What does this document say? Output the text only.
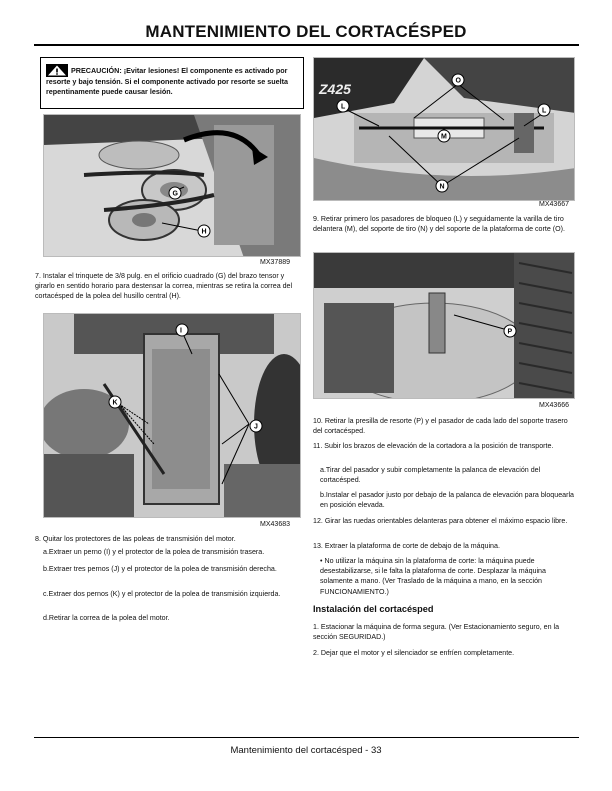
MANTENIMIENTO DEL CORTACÉSPED
PRECAUCIÓN: ¡Evitar lesiones! El componente es activado por resorte y bajo tensión. Si el componente activado por resorte se suelta repentinamente puede causar lesión.
G
H
MX37889
7. Instalar el trinquete de 3/8 pulg. en el orificio cuadrado (G) del brazo tensor y girarlo en sentido horario para destensar la correa, mientras se retira la correa del cortacésped de la polea del husillo central (H).
I
K
J
MX43683
8. Quitar los protectores de las poleas de transmisión del motor.
a.Extraer un perno (I) y el protector de la polea de transmisión trasera.
b.Extraer tres pernos (J) y el protector de la polea de transmisión derecha.
c.Extraer dos pernos (K) y el protector de la polea de transmisión izquierda.
d.Retirar la correa de la polea del motor.
Z425	O
L
M
L
N
MX43667
9. Retirar primero los pasadores de bloqueo (L) y seguidamente la varilla de tiro delantera (M), del soporte de tiro (N) y del soporte de la plataforma de corte (O).
P
MX43666
10. Retirar la presilla de resorte (P) y el pasador de cada lado del soporte trasero del cortacésped.
11. Subir los brazos de elevación de la cortadora a la posición de transporte.
a.Tirar del pasador y subir completamente la palanca de elevación del cortacésped.
b.Instalar el pasador justo por debajo de la palanca de elevación para bloquearla en posición elevada.
12. Girar las ruedas orientables delanteras para obtener el máximo espacio libre.
13. Extraer la plataforma de corte de debajo de la máquina.
• No utilizar la máquina sin la plataforma de corte: la máquina puede desestabilizarse, si le falta la plataforma de corte. Desplazar la máquina solamente a mano. (Ver Traslado de la máquina a mano, en la sección FUNCIONAMIENTO.)
Instalación del cortacésped
1. Estacionar la máquina de forma segura. (Ver Estacionamiento seguro, en la sección SEGURIDAD.)
2. Dejar que el motor y el silenciador se enfríen completamente.
Mantenimiento del cortacésped - 33
